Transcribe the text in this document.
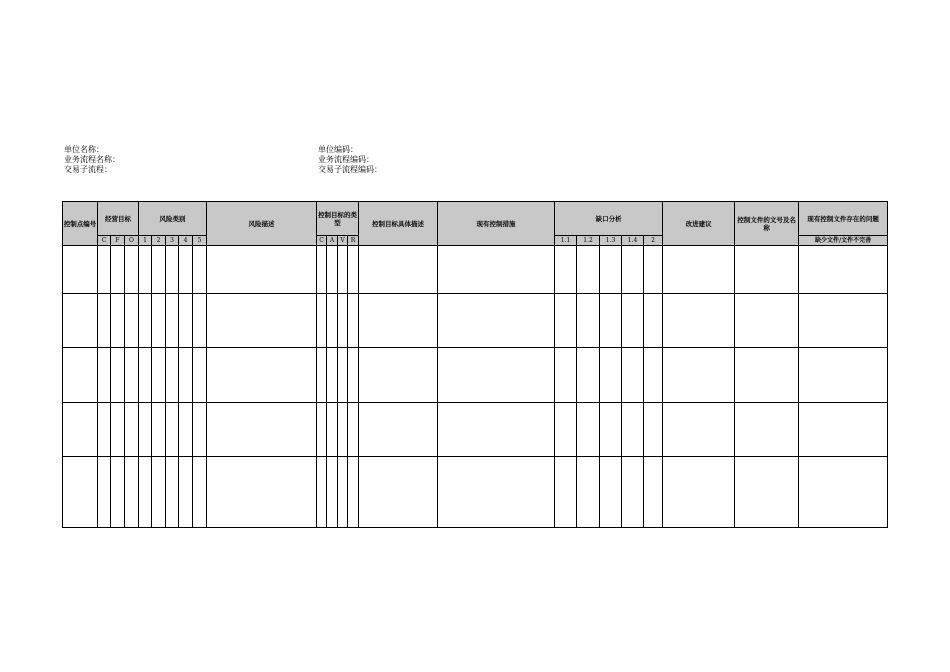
单位名称：
业务流程名称：
交易子流程：
单位编码：
业务流程编码：
交易子流程编码：
控制点编号	经营目标			风险类别					风险描述	控制目标的类型				控制目标具体描述	现有控制措施	缺口分析					改进建议	控制文件的文号及名称	现有控制文件存在的问题
	C	F	O	1	2	3	4	5		C	A	V	R			1.1	1.2	1.3	1.4	2			缺少文件/文件不完善
